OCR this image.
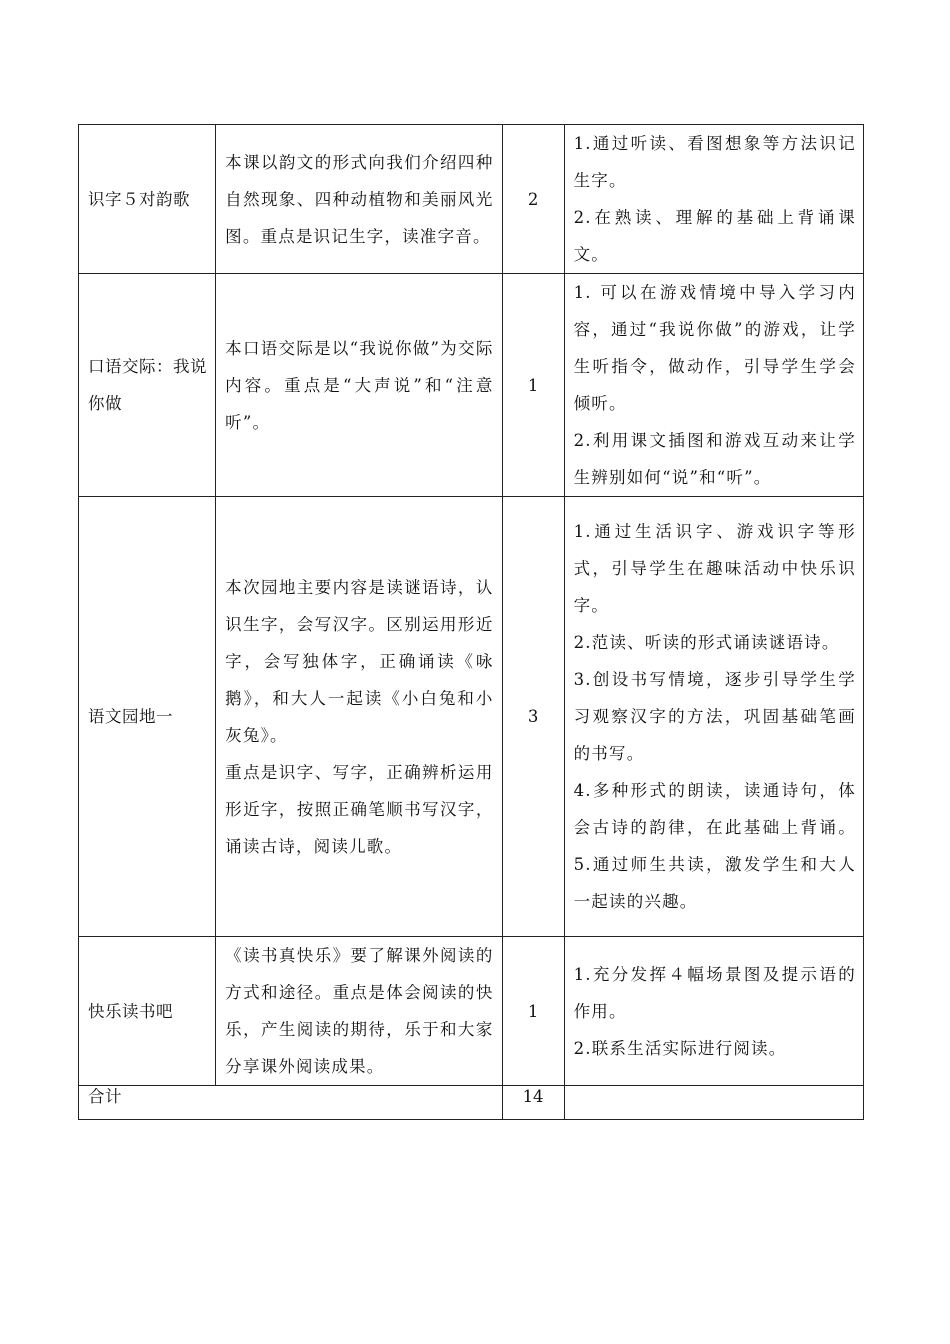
识字５对韵歌	本课以韵文的形式向我们介绍四种自然现象、四种动植物和美丽风光图。重点是识记生字，读准字音。	2	1.通过听读、看图想象等方法识记生字。
2.在熟读、理解的基础上背诵课文。

口语交际：我说你做	本口语交际是以“我说你做”为交际内容。重点是“大声说”和“注意听”。	1	1. 可以在游戏情境中导入学习内容，通过“我说你做”的游戏，让学生听指令，做动作，引导学生学会倾听。
2.利用课文插图和游戏互动来让学生辨别如何“说”和“听”。

语文园地一	本次园地主要内容是读谜语诗，认识生字，会写汉字。区别运用形近字，会写独体字，正确诵读《咏鹅》，和大人一起读《小白兔和小灰兔》。
重点是识字、写字，正确辨析运用形近字，按照正确笔顺书写汉字，诵读古诗，阅读儿歌。	3	1.通过生活识字、游戏识字等形式，引导学生在趣味活动中快乐识字。
2.范读、听读的形式诵读谜语诗。
3.创设书写情境，逐步引导学生学习观察汉字的方法，巩固基础笔画的书写。
4.多种形式的朗读，读通诗句，体会古诗的韵律，在此基础上背诵。5.通过师生共读，激发学生和大人一起读的兴趣。

快乐读书吧	《读书真快乐》要了解课外阅读的方式和途径。重点是体会阅读的快乐，产生阅读的期待，乐于和大家分享课外阅读成果。	1	1.充分发挥４幅场景图及提示语的作用。
2.联系生活实际进行阅读。

合计		14	
